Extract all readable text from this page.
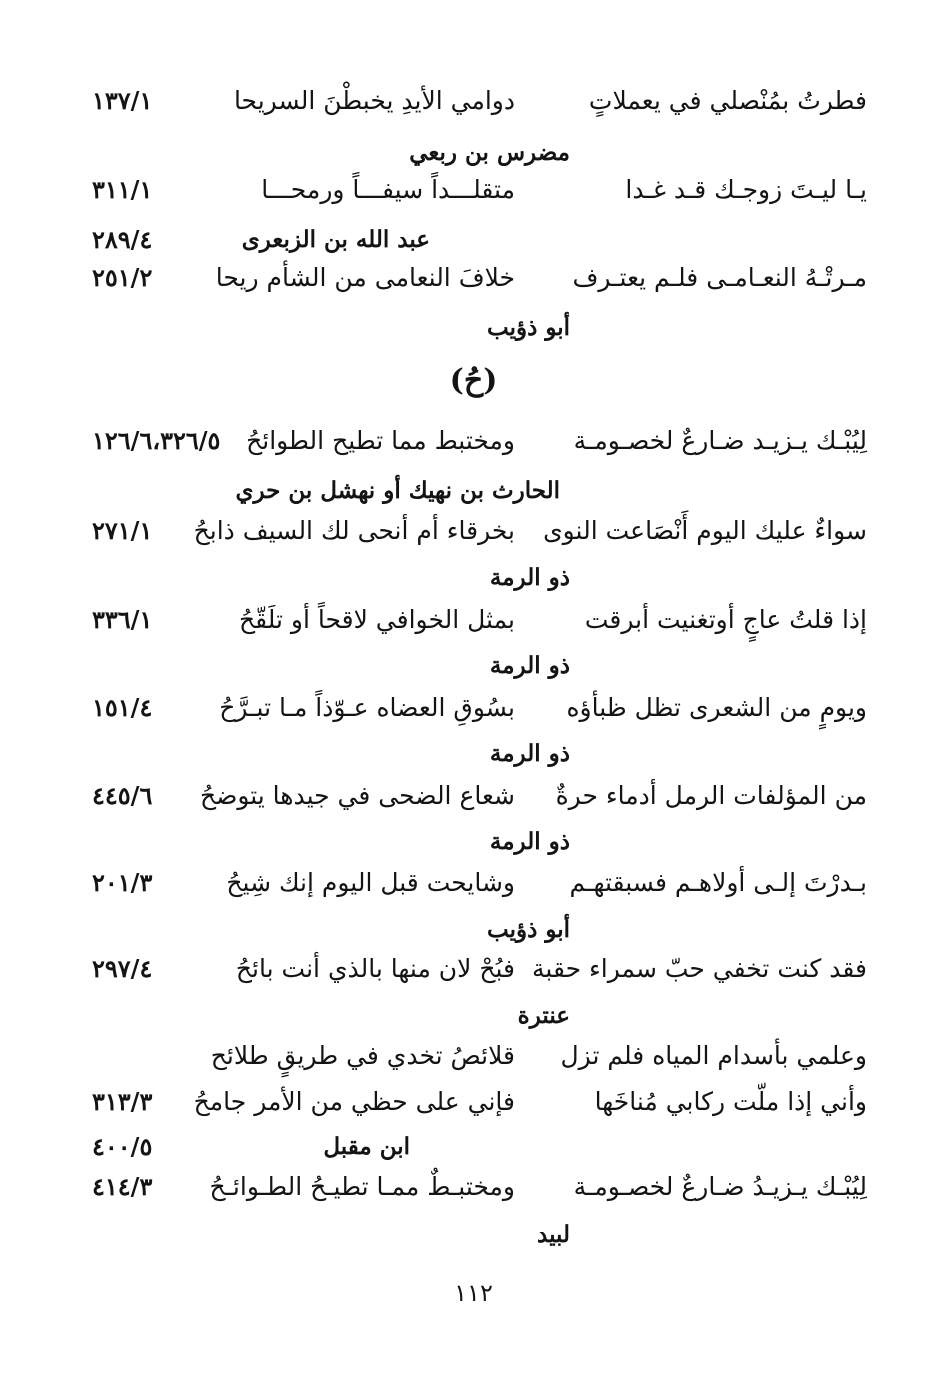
فطرتُ بمُنْصلي في يعملاتٍ
دوامي الأيدِ يخبطْنَ السريحا
١٣٧/١
مضرس بن ربعي
يـا ليـتَ زوجـك قـد غـدا
متقلـــداً سيفـــاً ورمحـــا
٣١١/١
عبد الله بن الزبعرى
٢٨٩/٤
مـرتْـهُ النعـامـى فلـم يعتـرف
خلافَ النعامى من الشأم ريحا
٢٥١/٢
أبو ذؤيب
(حُ)
لِيُبْـك يـزيـد ضـارعٌ لخصـومـة
ومختبط مما تطيح الطوائحُ
١٢٦/٦،٣٢٦/٥
الحارث بن نهيك أو نهشل بن حري
سواءٌ عليك اليوم أَنْصَاعت النوى
بخرقاء أم أنحى لك السيف ذابحُ
٢٧١/١
ذو الرمة
إذا قلتُ عاجٍ أوتغنيت أبرقت
بمثل الخوافي لاقحاً أو تلَقّحُ
٣٣٦/١
ذو الرمة
ويومٍ من الشعرى تظل ظبأؤه
بسُوقِ العضاه عـوّذاً مـا تبـرَّحُ
١٥١/٤
ذو الرمة
من المؤلفات الرمل أدماء حرةٌ
شعاع الضحى في جيدها يتوضحُ
٤٤٥/٦
ذو الرمة
بـدرْتَ إلـى أولاهـم فسبقتهـم
وشايحت قبل اليوم إنك شِيحُ
٢٠١/٣
أبو ذؤيب
فقد كنت تخفي حبّ سمراء حقبة
فبُحْ لان منها بالذي أنت بائحُ
٢٩٧/٤
عنترة
وعلمي بأسدام المياه فلم تزل
قلائصُ تخدي في طريقٍ طلائح
وأني إذا ملّت ركابي مُناخَها
فإني على حظي من الأمر جامحُ
٣١٣/٣
ابن مقبل
٤٠٠/٥
لِيُبْـك يـزيـدُ ضـارعٌ لخصـومـة
ومختبـطٌ ممـا تطيـحُ الطـوائـحُ
٤١٤/٣
لبيد
١١٢
